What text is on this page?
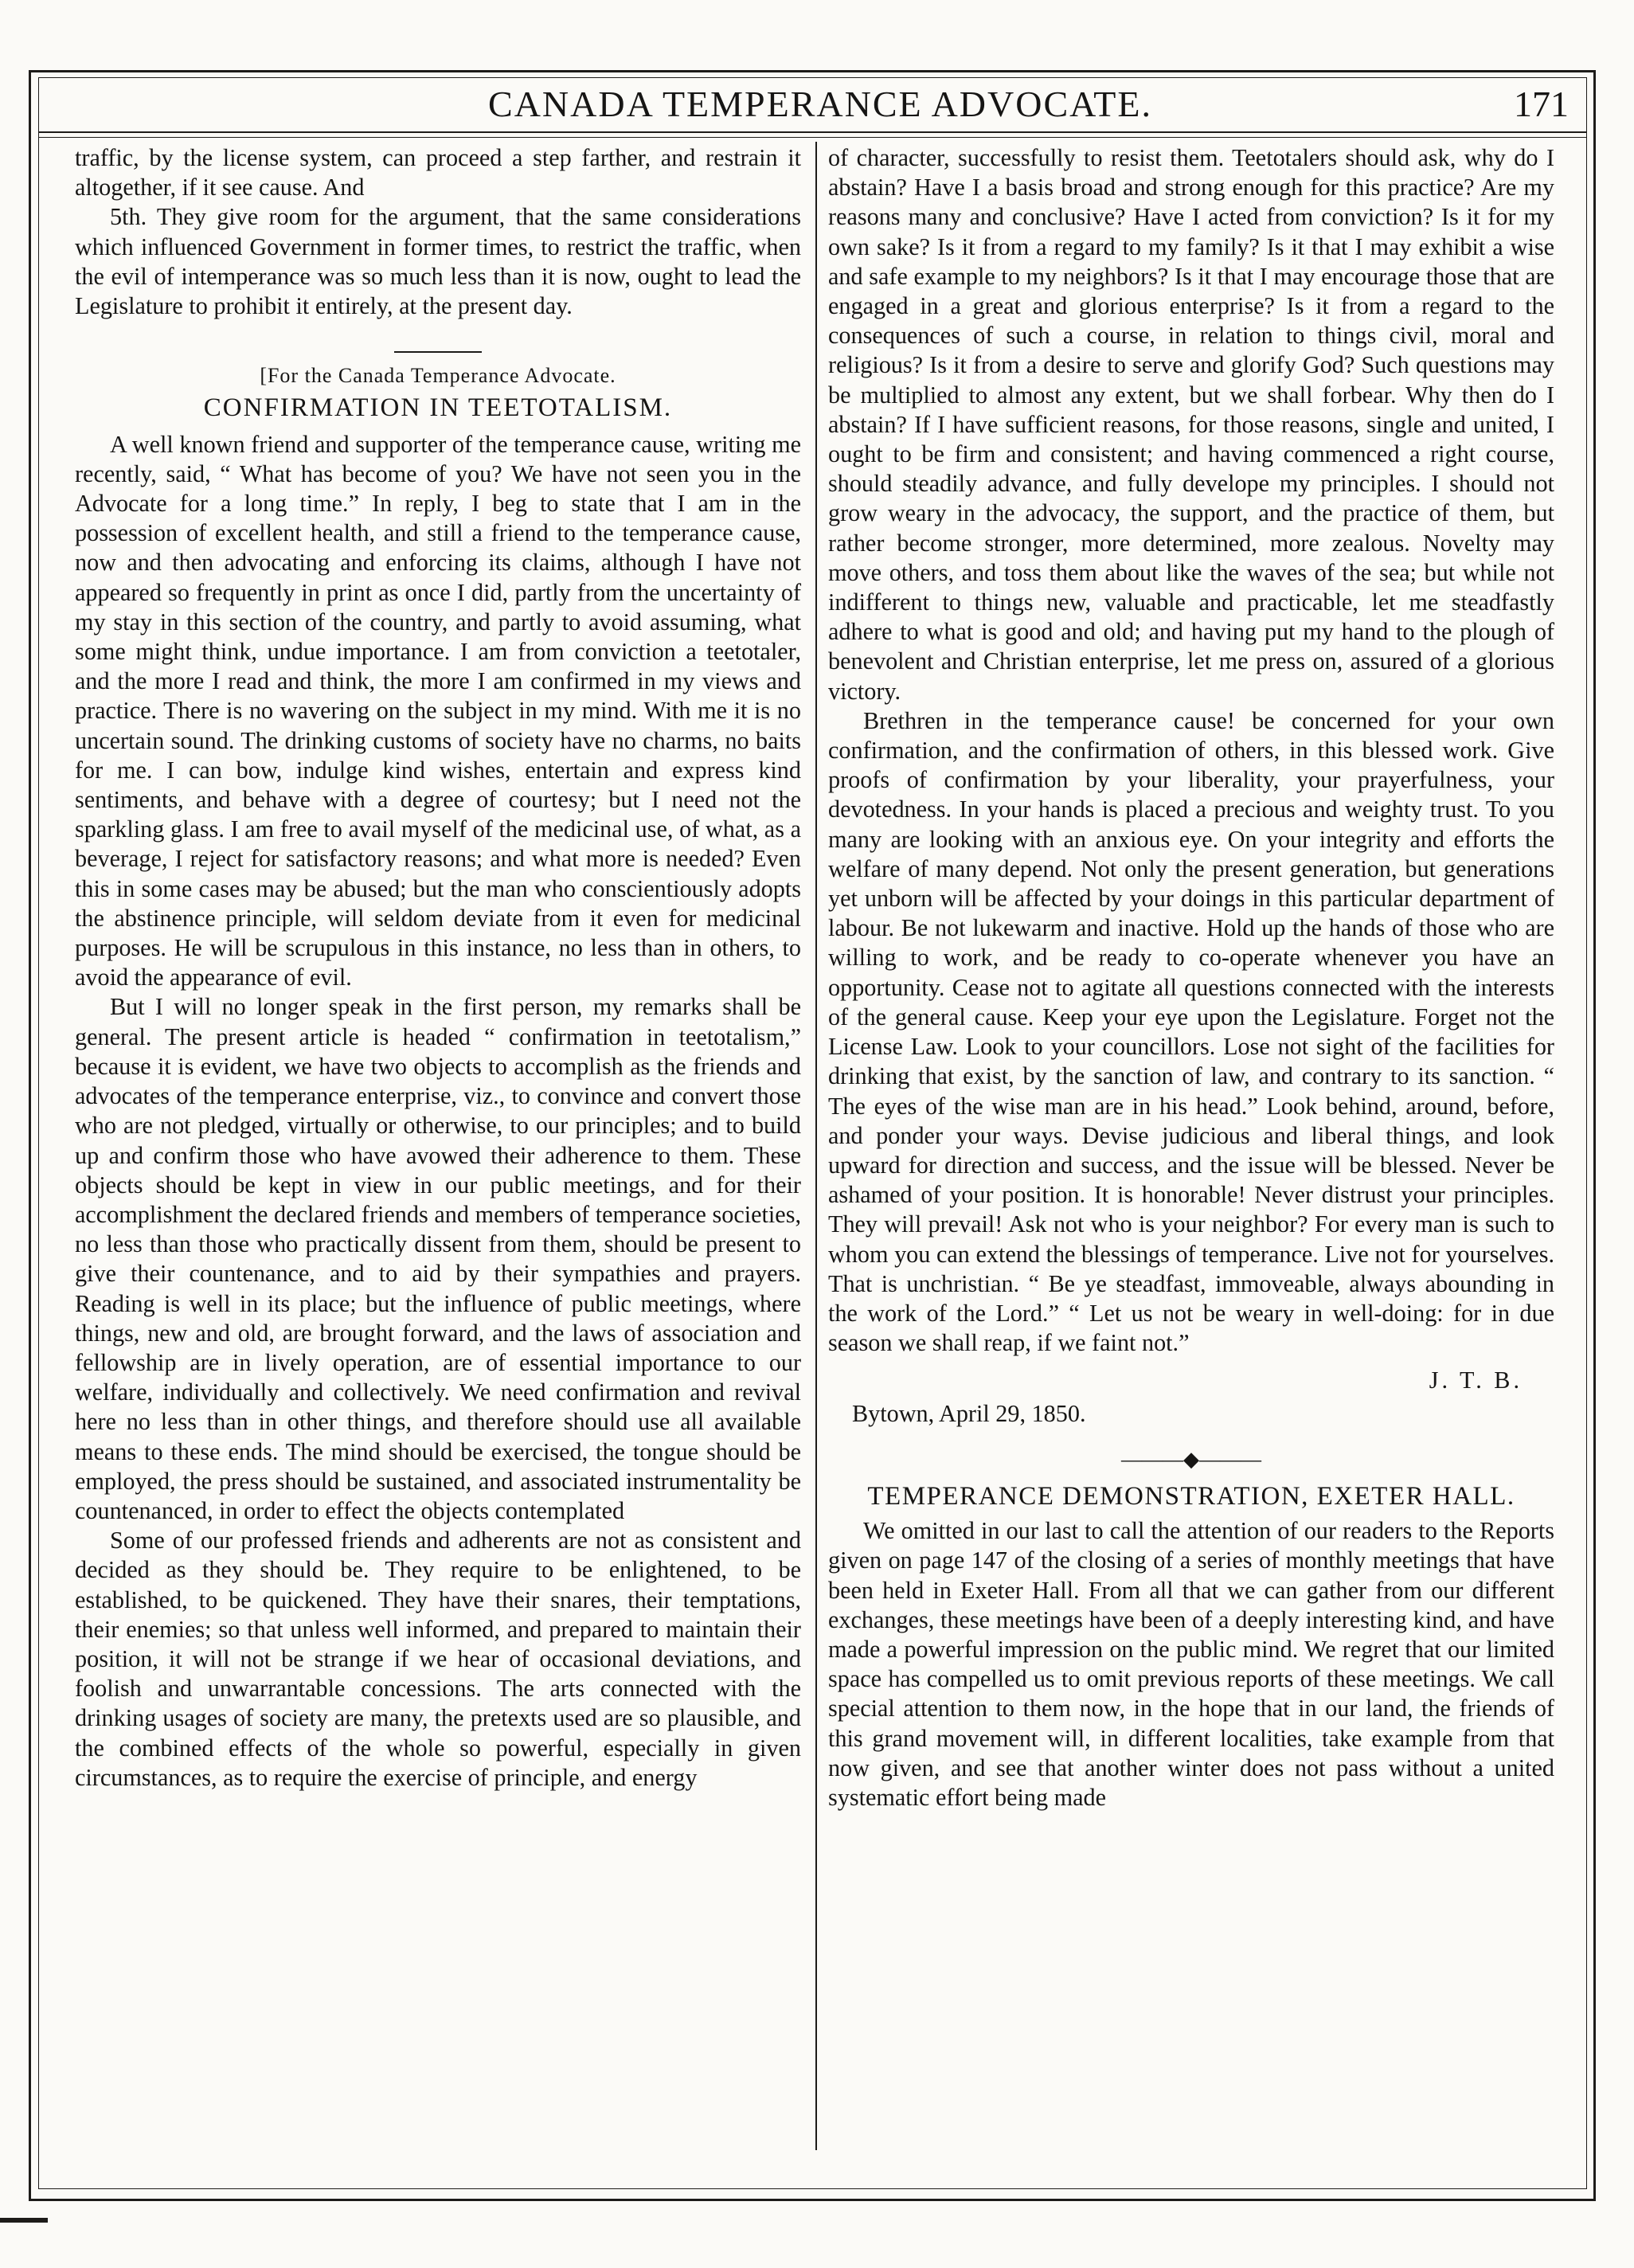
CANADA TEMPERANCE ADVOCATE.	171

traffic, by the license system, can proceed a step farther, and restrain it altogether, if it see cause. And

5th. They give room for the argument, that the same considerations which influenced Government in former times, to restrict the traffic, when the evil of intemperance was so much less than it is now, ought to lead the Legislature to prohibit it entirely, at the present day.

[For the Canada Temperance Advocate.
CONFIRMATION IN TEETOTALISM.

A well known friend and supporter of the temperance cause, writing me recently, said, “ What has become of you? We have not seen you in the Advocate for a long time.” In reply, I beg to state that I am in the possession of excellent health, and still a friend to the temperance cause, now and then advocating and enforcing its claims, although I have not appeared so frequently in print as once I did, partly from the uncertainty of my stay in this section of the country, and partly to avoid assuming, what some might think, undue importance. I am from conviction a teetotaler, and the more I read and think, the more I am confirmed in my views and practice. There is no wavering on the subject in my mind. With me it is no uncertain sound. The drinking customs of society have no charms, no baits for me. I can bow, indulge kind wishes, entertain and express kind sentiments, and behave with a degree of courtesy; but I need not the sparkling glass. I am free to avail myself of the medicinal use, of what, as a beverage, I reject for satisfactory reasons; and what more is needed? Even this in some cases may be abused; but the man who conscientiously adopts the abstinence principle, will seldom deviate from it even for medicinal purposes. He will be scrupulous in this instance, no less than in others, to avoid the appearance of evil.

But I will no longer speak in the first person, my remarks shall be general. The present article is headed “ confirmation in teetotalism,” because it is evident, we have two objects to accomplish as the friends and advocates of the temperance enterprise, viz., to convince and convert those who are not pledged, virtually or otherwise, to our principles; and to build up and confirm those who have avowed their adherence to them. These objects should be kept in view in our public meetings, and for their accomplishment the declared friends and members of temperance societies, no less than those who practically dissent from them, should be present to give their countenance, and to aid by their sympathies and prayers. Reading is well in its place; but the influence of public meetings, where things, new and old, are brought forward, and the laws of association and fellowship are in lively operation, are of essential importance to our welfare, individually and collectively. We need confirmation and revival here no less than in other things, and therefore should use all available means to these ends. The mind should be exercised, the tongue should be employed, the press should be sustained, and associated instrumentality be countenanced, in order to effect the objects contemplated

Some of our professed friends and adherents are not as consistent and decided as they should be. They require to be enlightened, to be established, to be quickened. They have their snares, their temptations, their enemies; so that unless well informed, and prepared to maintain their position, it will not be strange if we hear of occasional deviations, and foolish and unwarrantable concessions. The arts connected with the drinking usages of society are many, the pretexts used are so plausible, and the combined effects of the whole so powerful, especially in given circumstances, as to require the exercise of principle, and energy

of character, successfully to resist them. Teetotalers should ask, why do I abstain? Have I a basis broad and strong enough for this practice? Are my reasons many and conclusive? Have I acted from conviction? Is it for my own sake? Is it from a regard to my family? Is it that I may exhibit a wise and safe example to my neighbors? Is it that I may encourage those that are engaged in a great and glorious enterprise? Is it from a regard to the consequences of such a course, in relation to things civil, moral and religious? Is it from a desire to serve and glorify God? Such questions may be multiplied to almost any extent, but we shall forbear. Why then do I abstain? If I have sufficient reasons, for those reasons, single and united, I ought to be firm and consistent; and having commenced a right course, should steadily advance, and fully develope my principles. I should not grow weary in the advocacy, the support, and the practice of them, but rather become stronger, more determined, more zealous. Novelty may move others, and toss them about like the waves of the sea; but while not indifferent to things new, valuable and practicable, let me steadfastly adhere to what is good and old; and having put my hand to the plough of benevolent and Christian enterprise, let me press on, assured of a glorious victory.

Brethren in the temperance cause! be concerned for your own confirmation, and the confirmation of others, in this blessed work. Give proofs of confirmation by your liberality, your prayerfulness, your devotedness. In your hands is placed a precious and weighty trust. To you many are looking with an anxious eye. On your integrity and efforts the welfare of many depend. Not only the present generation, but generations yet unborn will be affected by your doings in this particular department of labour. Be not lukewarm and inactive. Hold up the hands of those who are willing to work, and be ready to co-operate whenever you have an opportunity. Cease not to agitate all questions connected with the interests of the general cause. Keep your eye upon the Legislature. Forget not the License Law. Look to your councillors. Lose not sight of the facilities for drinking that exist, by the sanction of law, and contrary to its sanction. “ The eyes of the wise man are in his head.” Look behind, around, before, and ponder your ways. Devise judicious and liberal things, and look upward for direction and success, and the issue will be blessed. Never be ashamed of your position. It is honorable! Never distrust your principles. They will prevail! Ask not who is your neighbor? For every man is such to whom you can extend the blessings of temperance. Live not for yourselves. That is unchristian. “ Be ye steadfast, immoveable, always abounding in the work of the Lord.” “ Let us not be weary in well-doing: for in due season we shall reap, if we faint not.”

J. T. B.
Bytown, April 29, 1850.
———◆———
TEMPERANCE DEMONSTRATION, EXETER HALL.

We omitted in our last to call the attention of our readers to the Reports given on page 147 of the closing of a series of monthly meetings that have been held in Exeter Hall. From all that we can gather from our different exchanges, these meetings have been of a deeply interesting kind, and have made a powerful impression on the public mind. We regret that our limited space has compelled us to omit previous reports of these meetings. We call special attention to them now, in the hope that in our land, the friends of this grand movement will, in different localities, take example from that now given, and see that another winter does not pass without a united systematic effort being made
